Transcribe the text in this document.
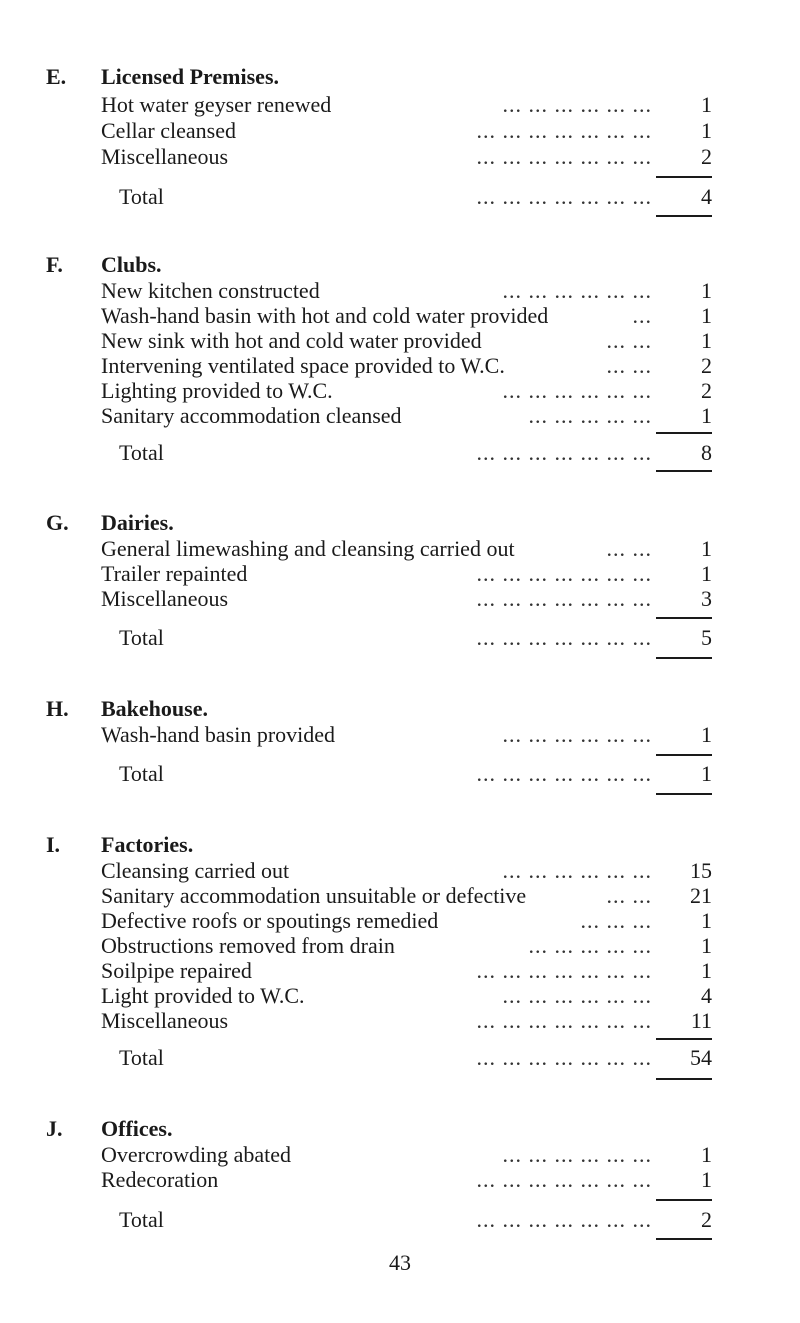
E. Licensed Premises.
Hot water geyser renewed	... ... ... ... ... ... 1
Cellar cleansed	... ... ... ... ... ... ... 1
Miscellaneous	... ... ... ... ... ... ... 2
Total	... ... ... ... ... ... ... 4
F. Clubs.
New kitchen constructed	... ... ... ... ... ... 1
Wash-hand basin with hot and cold water provided	... 1
New sink with hot and cold water provided	... ... 1
Intervening ventilated space provided to W.C.	... ... 2
Lighting provided to W.C.	... ... ... ... ... ... 2
Sanitary accommodation cleansed	... ... ... ... ... 1
Total	... ... ... ... ... ... ... 8
G. Dairies.
General limewashing and cleansing carried out	... ... 1
Trailer repainted	... ... ... ... ... ... ... 1
Miscellaneous	... ... ... ... ... ... ... 3
Total	... ... ... ... ... ... ... 5
H. Bakehouse.
Wash-hand basin provided	... ... ... ... ... ... 1
Total	... ... ... ... ... ... ... 1
I. Factories.
Cleansing carried out	... ... ... ... ... ... 15
Sanitary accommodation unsuitable or defective	... ... 21
Defective roofs or spoutings remedied	... ... ... 1
Obstructions removed from drain	... ... ... ... ... 1
Soilpipe repaired	... ... ... ... ... ... ... 1
Light provided to W.C.	... ... ... ... ... ... 4
Miscellaneous	... ... ... ... ... ... ... 11
Total	... ... ... ... ... ... ... 54
J. Offices.
Overcrowding abated	... ... ... ... ... ... 1
Redecoration	... ... ... ... ... ... ... 1
Total	... ... ... ... ... ... ... 2
43
